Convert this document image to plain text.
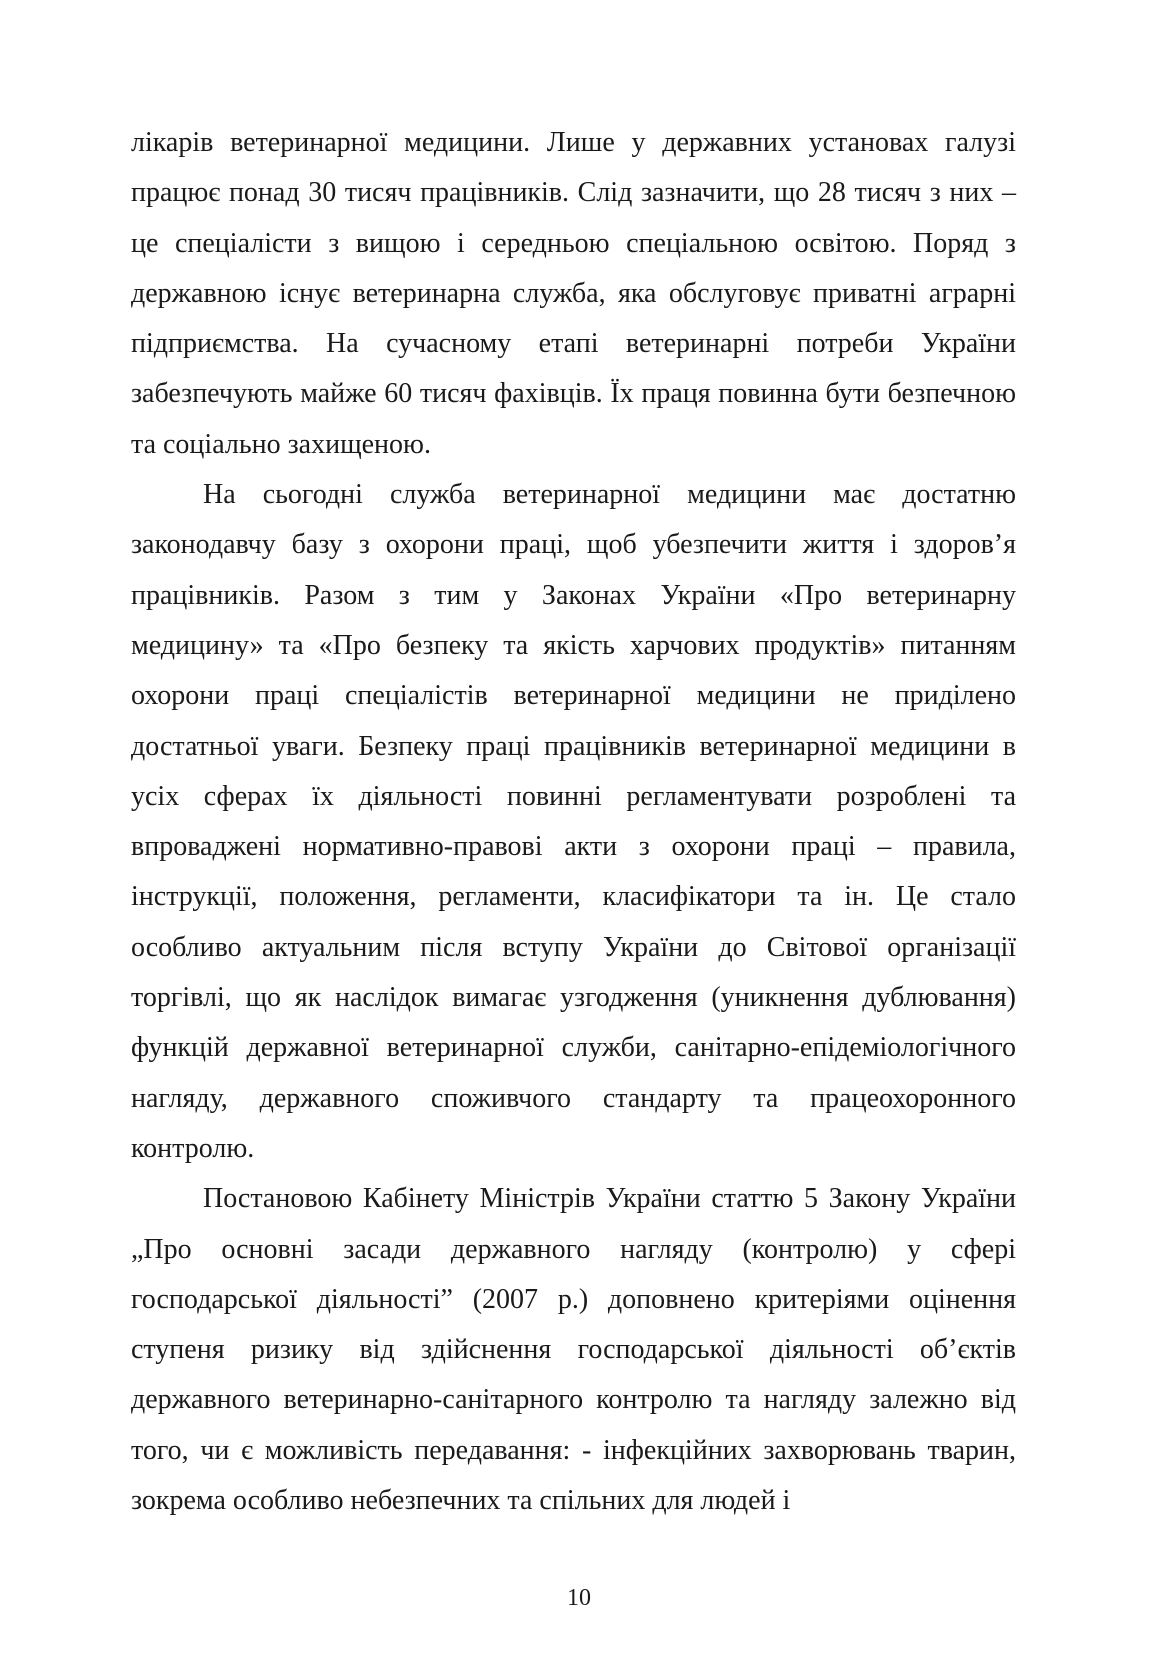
лікарів ветеринарної медицини. Лише у державних установах галузі працює понад 30 тисяч працівників. Слід зазначити, що 28 тисяч з них – це спеціалісти з вищою і середньою спеціальною освітою. Поряд з державною існує ветеринарна служба, яка обслуговує приватні аграрні підприємства. На сучасному етапі ветеринарні потреби України забезпечують майже 60 тисяч фахівців. Їх праця повинна бути безпечною та соціально захищеною.

На сьогодні служба ветеринарної медицини має достатню законодавчу базу з охорони праці, щоб убезпечити життя і здоров’я працівників. Разом з тим у Законах України «Про ветеринарну медицину» та «Про безпеку та якість харчових продуктів» питанням охорони праці спеціалістів ветеринарної медицини не приділено достатньої уваги. Безпеку праці працівників ветеринарної медицини в усіх сферах їх діяльності повинні регламентувати розроблені та впроваджені нормативно-правові акти з охорони праці – правила, інструкції, положення, регламенти, класифікатори та ін. Це стало особливо актуальним після вступу України до Світової організації торгівлі, що як наслідок вимагає узгодження (уникнення дублювання) функцій державної ветеринарної служби, санітарно-епідеміологічного нагляду, державного споживчого стандарту та працеохоронного контролю.

Постановою Кабінету Міністрів України статтю 5 Закону України „Про основні засади державного нагляду (контролю) у сфері господарської діяльності” (2007 р.) доповнено критеріями оцінення ступеня ризику від здійснення господарської діяльності об’єктів державного ветеринарно-санітарного контролю та нагляду залежно від того, чи є можливість передавання: - інфекційних захворювань тварин, зокрема особливо небезпечних та спільних для людей і

10
